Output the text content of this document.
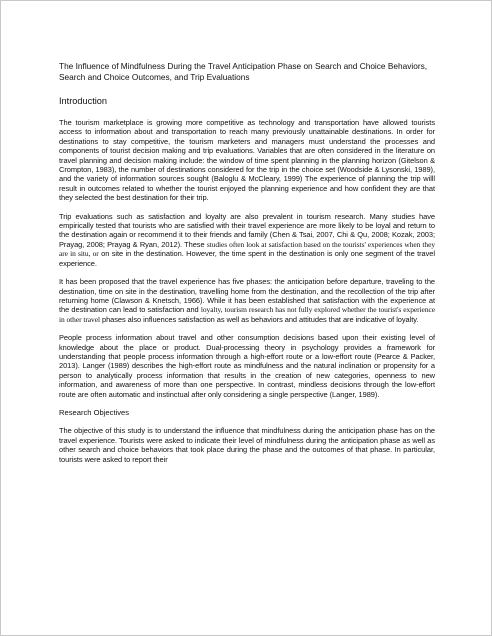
The Influence of Mindfulness During the Travel Anticipation Phase on Search and Choice Behaviors, Search and Choice Outcomes, and Trip Evaluations
Introduction

The tourism marketplace is growing more competitive as technology and transportation have allowed tourists access to information about and transportation to reach many previously unattainable destinations. In order for destinations to stay competitive, the tourism marketers and managers must understand the processes and components of tourist decision making and trip evaluations. Variables that are often considered in the literature on travel planning and decision making include: the window of time spent planning in the planning horizon (Gitelson & Crompton, 1983), the number of destinations considered for the trip in the choice set (Woodside & Lysonski, 1989), and the variety of information sources sought (Baloglu & McCleary, 1999) The experience of planning the trip willl result in outcomes related to whether the tourist enjoyed the planning experience and how confident they are that they selected the best destination for their trip.

Trip evaluations such as satisfaction and loyalty are also prevalent in tourism research. Many studies have empirically tested that tourists who are satisfied with their travel experience are more likely to be loyal and return to the destination again or recommend it to their friends and family (Chen & Tsai, 2007, Chi & Qu, 2008; Kozak, 2003; Prayag, 2008; Prayag & Ryan, 2012). These studies often look at satisfaction based on the tourists' experiences when they are in situ, or on site in the destination. However, the time spent in the destination is only one segment of the travel experience.

It has been proposed that the travel experience has five phases: the anticipation before departure, traveling to the destination, time on site in the destination, travelling home from the destination, and the recollection of the trip after returning home (Clawson & Knetsch, 1966). While it has been established that satisfaction with the experience at the destination can lead to satisfaction and loyalty, tourism research has not fully explored whether the tourist's experience in other travel phases also influences satisfaction as well as behaviors and attitudes that are indicative of loyalty.

People process information about travel and other consumption decisions based upon their existing level of knowledge about the place or product. Dual-processing theory in psychology provides a framework for understanding that people process information through a high-effort route or a low-effort route (Pearce & Packer, 2013). Langer (1989) describes the high-effort route as mindfulness and the natural inclination or propensity for a person to analytically process information that results in the creation of new categories, openness to new information, and awareness of more than one perspective. In contrast, mindless decisions through the low-effort route are often automatic and instinctual after only considering a single perspective (Langer, 1989).

Research Objectives

The objective of this study is to understand the influence that mindfulness during the anticipation phase has on the travel experience. Tourists were asked to indicate their level of mindfulness during the anticipation phase as well as other search and choice behaviors that took place during the phase and the outcomes of that phase. In particular, tourists were asked to report their
